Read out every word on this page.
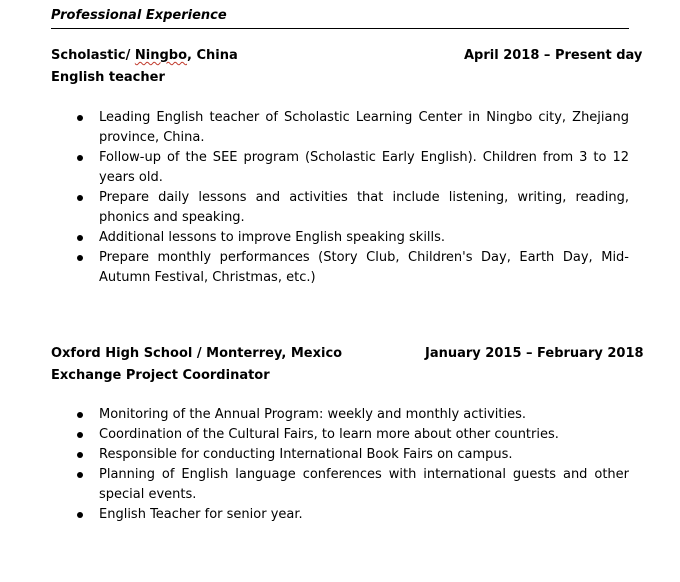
Professional Experience
Scholastic/ Ningbo, China	April 2018 – Present day
English teacher
Leading English teacher of Scholastic Learning Center in Ningbo city, Zhejiang province, China.
Follow-up of the SEE program (Scholastic Early English). Children from 3 to 12 years old.
Prepare daily lessons and activities that include listening, writing, reading, phonics and speaking.
Additional lessons to improve English speaking skills.
Prepare monthly performances (Story Club, Children's Day, Earth Day, Mid-Autumn Festival, Christmas, etc.)
Oxford High School / Monterrey, Mexico	January 2015 – February 2018
Exchange Project Coordinator
Monitoring of the Annual Program: weekly and monthly activities.
Coordination of the Cultural Fairs, to learn more about other countries.
Responsible for conducting International Book Fairs on campus.
Planning of English language conferences with international guests and other special events.
English Teacher for senior year.
